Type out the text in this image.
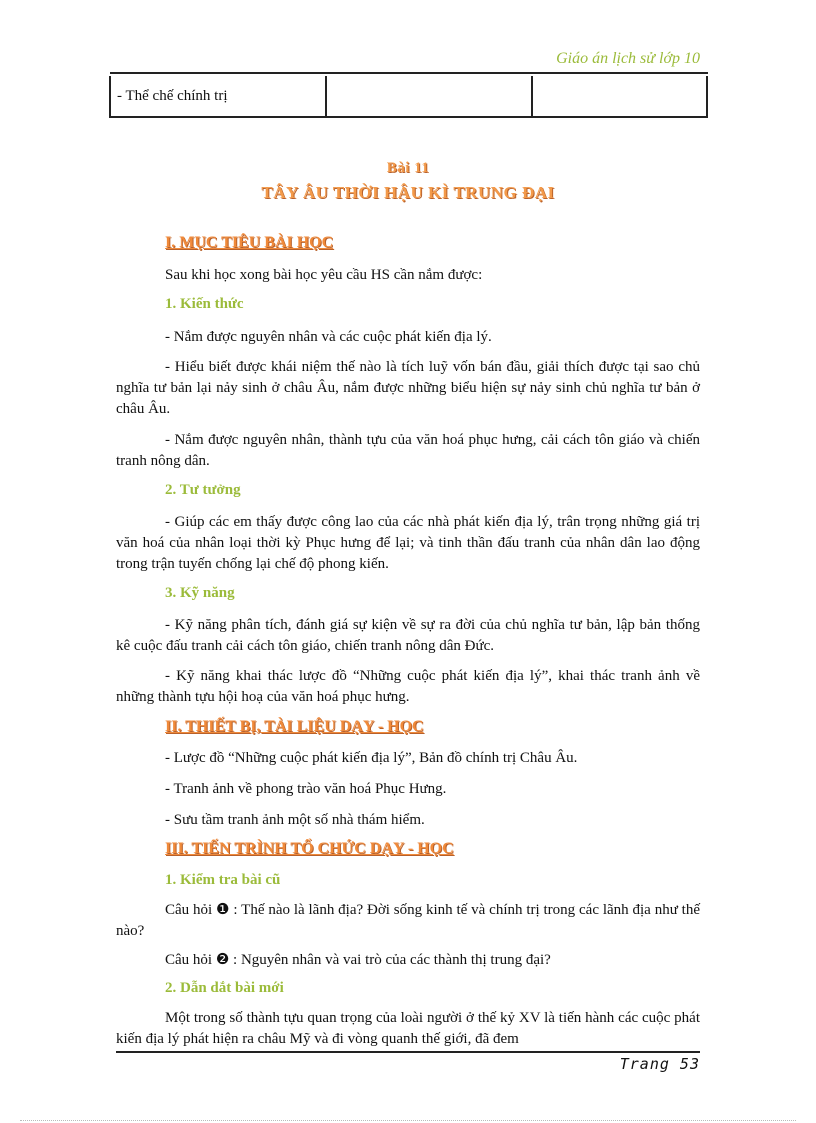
Giáo án lịch sử lớp 10
- Thể chế chính trị		
Bài 11
TÂY ÂU THỜI HẬU KÌ TRUNG ĐẠI
I. MỤC TIÊU BÀI HỌC
Sau khi học xong bài học yêu cầu HS cần nắm được:
1. Kiến thức
- Nắm được nguyên nhân và các cuộc phát kiến địa lý.
- Hiểu biết được khái niệm thế nào là tích luỹ vốn bán đầu, giải thích được tại sao chủ nghĩa tư bản lại nảy sinh ở châu Âu, nắm được những biểu hiện sự nảy sinh chủ nghĩa tư bản ở châu Âu.
- Nắm được nguyên nhân, thành tựu của văn hoá phục hưng, cải cách tôn giáo và chiến tranh nông dân.
2. Tư tưởng
- Giúp các em thấy được công lao của các nhà phát kiến địa lý, trân trọng những giá trị văn hoá của nhân loại thời kỳ Phục hưng để lại; và tinh thần đấu tranh của nhân dân lao động trong trận tuyến chống lại chế độ phong kiến.
3. Kỹ năng
- Kỹ năng phân tích, đánh giá sự kiện về sự ra đời của chủ nghĩa tư bản, lập bản thống kê cuộc đấu tranh cải cách tôn giáo, chiến tranh nông dân Đức.
- Kỹ năng khai thác lược đồ “Những cuộc phát kiến địa lý”, khai thác tranh ảnh về những thành tựu hội hoạ của văn hoá phục hưng.
II. THIẾT BỊ, TÀI LIỆU DẠY - HỌC
- Lược đồ “Những cuộc phát kiến địa lý”, Bản đồ chính trị Châu Âu.
- Tranh ảnh về phong trào văn hoá Phục Hưng.
- Sưu tầm tranh ảnh một số nhà thám hiểm.
III. TIẾN TRÌNH TỔ CHỨC DẠY - HỌC
1. Kiểm tra bài cũ
Câu hỏi ❶ : Thế nào là lãnh địa? Đời sống kinh tế và chính trị trong các lãnh địa như thế nào?
Câu hỏi ❷ : Nguyên nhân và vai trò của các thành thị trung đại?
2. Dẫn dắt bài mới
Một trong số thành tựu quan trọng của loài người ở thế kỷ XV là tiến hành các cuộc phát kiến địa lý phát hiện ra châu Mỹ và đi vòng quanh thế giới, đã đem
Trang 53
